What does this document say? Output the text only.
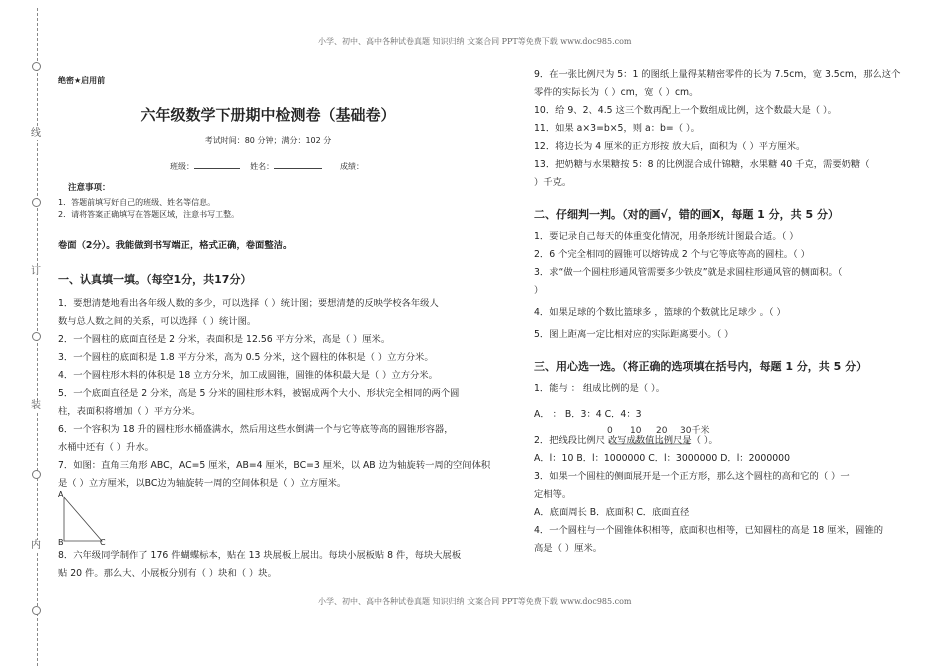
线
订
装
内
小学、初中、高中各种试卷真题 知识归纳 文案合同 PPT等免费下载 www.doc985.com

绝密★启用前

六年级数学下册期中检测卷（基础卷）

考试时间：80 分钟；满分：102 分

班级：	姓名：	成绩：

注意事项：

1．答题前填写好自己的班级、姓名等信息。

2．请将答案正确填写在答题区域，注意书写工整。

卷面（2分）。我能做到书写端正，格式正确，卷面整洁。

一、认真填一填。（每空1分，共17分）

1．要想清楚地看出各年级人数的多少，可以选择（ ）统计图；要想清楚的反映学校各年级人

数与总人数之间的关系，可以选择（ ）统计图。

2．一个圆柱的底面直径是 2 分米，表面积是 12.56 平方分米，高是（ ）厘米。

3．一个圆柱的底面积是 1.8 平方分米，高为 0.5 分米，这个圆柱的体积是（ ）立方分米。

4．一个圆柱形木料的体积是 18 立方分米，加工成圆锥，圆锥的体积最大是（ ）立方分米。

5．一个底面直径是 2 分米，高是 5 分米的圆柱形木料，被锯成两个大小、形状完全相同的两个圆

柱，表面积将增加（ ）平方分米。

6．一个容积为 18 升的圆柱形水桶盛满水，然后用这些水倒满一个与它等底等高的圆锥形容器，

水桶中还有（ ）升水。

7．如图：直角三角形 ABC，AC=5 厘米，AB=4 厘米，BC=3 厘米，以 AB 边为轴旋转一周的空间体积

是（ ）立方厘米，以BC边为轴旋转一周的空间体积是（ ）立方厘米。

A
B	C

8．六年级同学制作了 176 件蝴蝶标本，贴在 13 块展板上展出。每块小展板贴 8 件，每块大展板

贴 20 件。那么大、小展板分别有（ ）块和（ ）块。

9．在一张比例尺为 5：1 的图纸上量得某精密零件的长为 7.5cm，宽 3.5cm，那么这个

零件的实际长为（ ）cm，宽（ ）cm。

10．给 9、2、4.5 这三个数再配上一个数组成比例，这个数最大是（ ）。

11．如果 a×3=b×5，则 a：b=（ ）。

12．将边长为 4 厘米的正方形按 放大后，面积为（ ）平方厘米。

13．把奶糖与水果糖按 5：8 的比例混合成什锦糖，水果糖 40 千克，需要奶糖（

）千克。

二、仔细判一判。（对的画√，错的画X，每题 1 分，共 5 分）

1．要记录自己每天的体重变化情况，用条形统计图最合适。（ ）

2．6 个完全相同的圆锥可以熔铸成 2 个与它等底等高的圆柱。（ ）

3．求“做一个圆柱形通风管需要多少铁皮”就是求圆柱形通风管的侧面积。（

）

4．如果足球的个数比篮球多 ，篮球的个数就比足球少 。（ ）

5．图上距离一定比相对应的实际距离要小。（ ）

三、用心选一选。（将正确的选项填在括号内，每题 1 分，共 5 分）

1．能与 ： 组成比例的是（ ）。

A． ： B．3：4 C．4：3

2．把线段比例尺 改写成数值比例尺是（ ）。

0 10 20 30千米

A．l：10 B．l：1000000 C．l：3000000 D．l：2000000

3．如果一个圆柱的侧面展开是一个正方形，那么这个圆柱的高和它的（ ）一

定相等。

A．底面周长 B．底面积 C．底面直径

4．一个圆柱与一个圆锥体积相等，底面积也相等，已知圆柱的高是 18 厘米，圆锥的

高是（ ）厘米。

小学、初中、高中各种试卷真题 知识归纳 文案合同 PPT等免费下载 www.doc985.com
